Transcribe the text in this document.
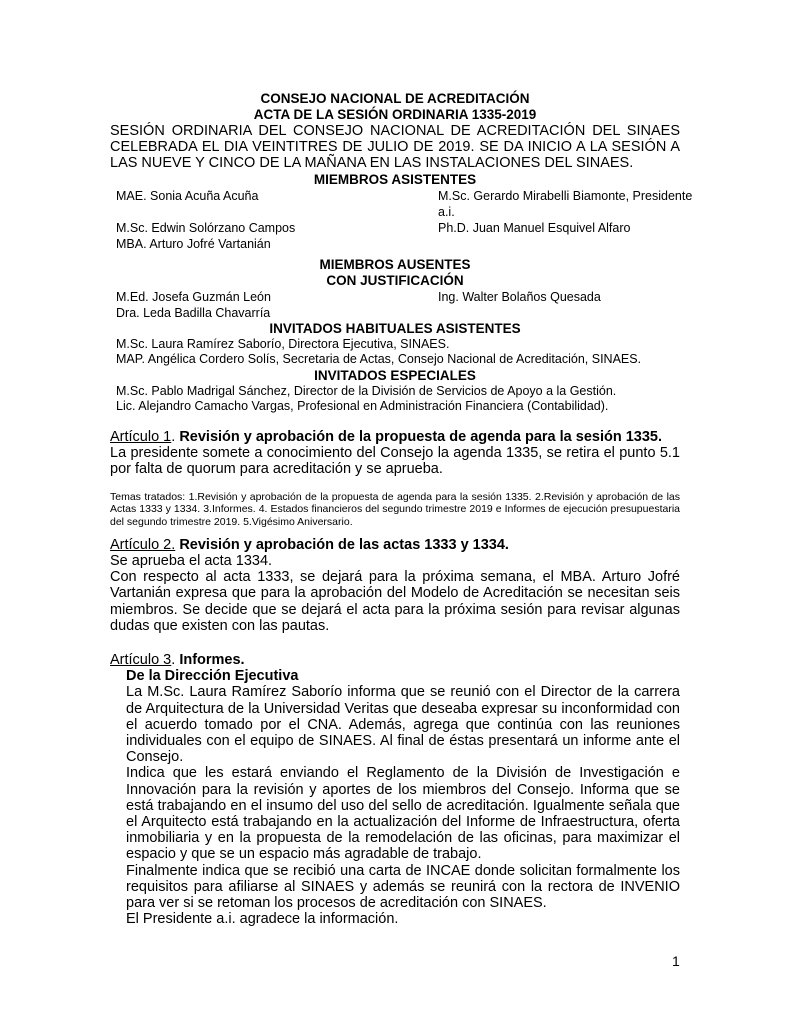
CONSEJO NACIONAL DE ACREDITACIÓN

ACTA DE LA SESIÓN ORDINARIA 1335-2019

SESIÓN ORDINARIA DEL CONSEJO NACIONAL DE ACREDITACIÓN DEL SINAES CELEBRADA EL DIA VEINTITRES DE JULIO DE 2019. SE DA INICIO A LA SESIÓN A LAS NUEVE Y CINCO DE LA MAÑANA EN LAS INSTALACIONES DEL SINAES.

MIEMBROS ASISTENTES

MAE. Sonia Acuña Acuña	M.Sc. Gerardo Mirabelli Biamonte, Presidente a.i.
M.Sc. Edwin Solórzano Campos	Ph.D. Juan Manuel Esquivel Alfaro
MBA. Arturo Jofré Vartanián

MIEMBROS AUSENTES

CON JUSTIFICACIÓN

M.Ed. Josefa Guzmán León	Ing. Walter Bolaños Quesada
Dra. Leda Badilla Chavarría

INVITADOS HABITUALES ASISTENTES

M.Sc. Laura Ramírez Saborío, Directora Ejecutiva, SINAES.
MAP. Angélica Cordero Solís, Secretaria de Actas, Consejo Nacional de Acreditación, SINAES.

INVITADOS ESPECIALES

M.Sc. Pablo Madrigal Sánchez, Director de la División de Servicios de Apoyo a la Gestión.
Lic. Alejandro Camacho Vargas, Profesional en Administración Financiera (Contabilidad).

Artículo 1. Revisión y aprobación de la propuesta de agenda para la sesión 1335.

La presidente somete a conocimiento del Consejo la agenda 1335, se retira el punto 5.1 por falta de quorum para acreditación y se aprueba.

Temas tratados: 1.Revisión y aprobación de la propuesta de agenda para la sesión 1335. 2.Revisión y aprobación de las Actas 1333 y 1334. 3.Informes. 4. Estados financieros del segundo trimestre 2019 e Informes de ejecución presupuestaria del segundo trimestre 2019. 5.Vigésimo Aniversario.

Artículo 2. Revisión y aprobación de las actas 1333 y 1334.

Se aprueba el acta 1334.

Con respecto al acta 1333, se dejará para la próxima semana, el MBA. Arturo Jofré Vartanián expresa que para la aprobación del Modelo de Acreditación se necesitan seis miembros. Se decide que se dejará el acta para la próxima sesión para revisar algunas dudas que existen con las pautas.

Artículo 3. Informes.

De la Dirección Ejecutiva

La M.Sc. Laura Ramírez Saborío informa que se reunió con el Director de la carrera de Arquitectura de la Universidad Veritas que deseaba expresar su inconformidad con el acuerdo tomado por el CNA. Además, agrega que continúa con las reuniones individuales con el equipo de SINAES. Al final de éstas presentará un informe ante el Consejo.

Indica que les estará enviando el Reglamento de la División de Investigación e Innovación para la revisión y aportes de los miembros del Consejo. Informa que se está trabajando en el insumo del uso del sello de acreditación. Igualmente señala que el Arquitecto está trabajando en la actualización del Informe de Infraestructura, oferta inmobiliaria y en la propuesta de la remodelación de las oficinas, para maximizar el espacio y que se un espacio más agradable de trabajo.

Finalmente indica que se recibió una carta de INCAE donde solicitan formalmente los requisitos para afiliarse al SINAES y además se reunirá con la rectora de INVENIO para ver si se retoman los procesos de acreditación con SINAES.

El Presidente a.i. agradece la información.

1
